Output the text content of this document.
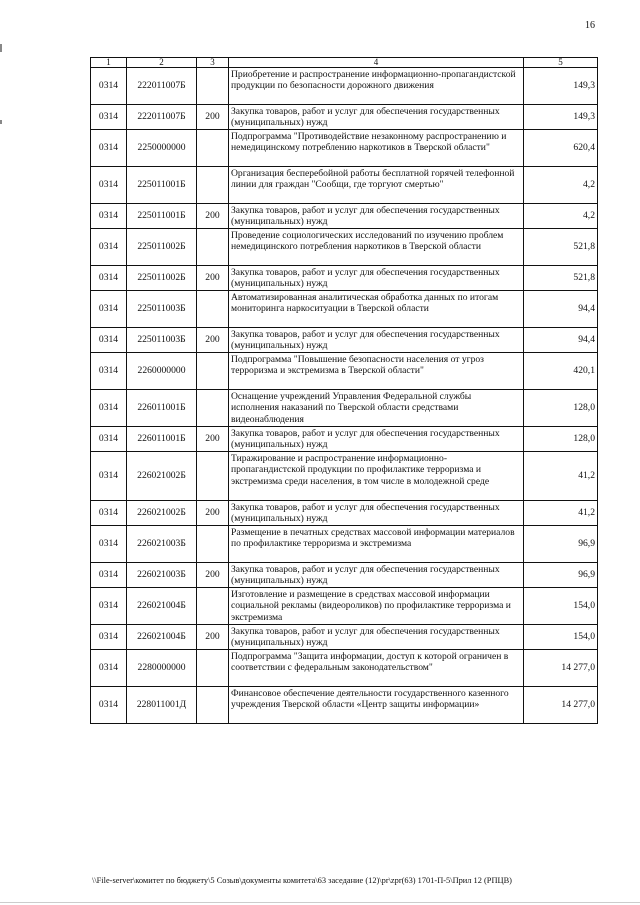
16
1	2	3	4	5
0314	222011007Б		Приобретение и распространение информационно-пропагандистской продукции по безопасности дорожного движения	149,3
0314	222011007Б	200	Закупка товаров, работ и услуг для обеспечения государственных (муниципальных) нужд	149,3
0314	2250000000		Подпрограмма "Противодействие незаконному распространению и немедицинскому потреблению наркотиков в Тверской области"	620,4
0314	225011001Б		Организация бесперебойной работы бесплатной горячей телефонной линии для граждан "Сообщи, где торгуют смертью"	4,2
0314	225011001Б	200	Закупка товаров, работ и услуг для обеспечения государственных (муниципальных) нужд	4,2
0314	225011002Б		Проведение социологических исследований по изучению проблем немедицинского потребления наркотиков в Тверской области	521,8
0314	225011002Б	200	Закупка товаров, работ и услуг для обеспечения государственных (муниципальных) нужд	521,8
0314	225011003Б		Автоматизированная аналитическая обработка данных по итогам мониторинга наркоситуации в Тверской области	94,4
0314	225011003Б	200	Закупка товаров, работ и услуг для обеспечения государственных (муниципальных) нужд	94,4
0314	2260000000		Подпрограмма "Повышение безопасности населения от угроз терроризма и экстремизма в Тверской области"	420,1
0314	226011001Б		Оснащение учреждений Управления Федеральной службы исполнения наказаний по Тверской области средствами видеонаблюдения	128,0
0314	226011001Б	200	Закупка товаров, работ и услуг для обеспечения государственных (муниципальных) нужд	128,0
0314	226021002Б		Тиражирование и распространение информационно-пропагандистской продукции по профилактике терроризма и экстремизма среди населения, в том числе в молодежной среде	41,2
0314	226021002Б	200	Закупка товаров, работ и услуг для обеспечения государственных (муниципальных) нужд	41,2
0314	226021003Б		Размещение в печатных средствах массовой информации материалов по профилактике терроризма и экстремизма	96,9
0314	226021003Б	200	Закупка товаров, работ и услуг для обеспечения государственных (муниципальных) нужд	96,9
0314	226021004Б		Изготовление и размещение в средствах массовой информации социальной рекламы (видеороликов) по профилактике терроризма и экстремизма	154,0
0314	226021004Б	200	Закупка товаров, работ и услуг для обеспечения государственных (муниципальных) нужд	154,0
0314	2280000000		Подпрограмма "Защита информации, доступ к которой ограничен в соответствии с федеральным законодательством"	14 277,0
0314	228011001Д		Финансовое обеспечение деятельности государственного казенного учреждения Тверской области «Центр защиты информации»	14 277,0
\\File-server\комитет по бюджету\5 Созыв\документы комитета\63 заседание (12)\pr\zpr(63) 1701-П-5\Прил 12 (РПЦВ)
